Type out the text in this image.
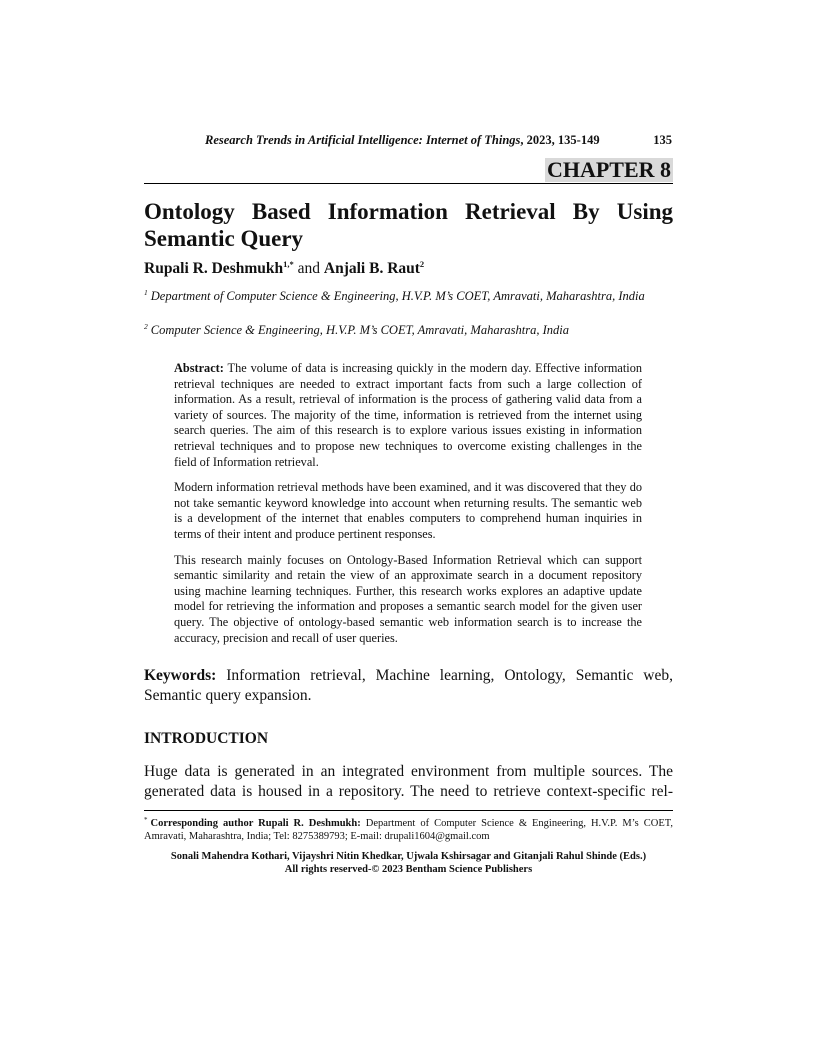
Research Trends in Artificial Intelligence: Internet of Things, 2023, 135-149	135
CHAPTER 8
Ontology Based Information Retrieval By Using Semantic Query
Rupali R. Deshmukh$^{1,*}$ and Anjali B. Raut$^2$
$^1$ Department of Computer Science & Engineering, H.V.P. M’s COET, Amravati, Maharashtra, India
$^2$ Computer Science & Engineering, H.V.P. M’s COET, Amravati, Maharashtra, India

Abstract: The volume of data is increasing quickly in the modern day. Effective information retrieval techniques are needed to extract important facts from such a large collection of information. As a result, retrieval of information is the process of gathering valid data from a variety of sources. The majority of the time, information is retrieved from the internet using search queries. The aim of this research is to explore various issues existing in information retrieval techniques and to propose new techniques to overcome existing challenges in the field of Information retrieval.

Modern information retrieval methods have been examined, and it was discovered that they do not take semantic keyword knowledge into account when returning results. The semantic web is a development of the internet that enables computers to comprehend human inquiries in terms of their intent and produce pertinent responses.

This research mainly focuses on Ontology-Based Information Retrieval which can support semantic similarity and retain the view of an approximate search in a document repository using machine learning techniques. Further, this research works explores an adaptive update model for retrieving the information and proposes a semantic search model for the given user query. The objective of ontology-based semantic web information search is to increase the accuracy, precision and recall of user queries.

Keywords: Information retrieval, Machine learning, Ontology, Semantic web, Semantic query expansion.
INTRODUCTION
Huge data is generated in an integrated environment from multiple sources. The generated data is housed in a repository. The need to retrieve context-specific rel-
* Corresponding author Rupali R. Deshmukh: Department of Computer Science & Engineering, H.V.P. M’s COET, Amravati, Maharashtra, India; Tel: 8275389793; E-mail: drupali1604@gmail.com
Sonali Mahendra Kothari, Vijayshri Nitin Khedkar, Ujwala Kshirsagar and Gitanjali Rahul Shinde (Eds.)
All rights reserved-© 2023 Bentham Science Publishers
